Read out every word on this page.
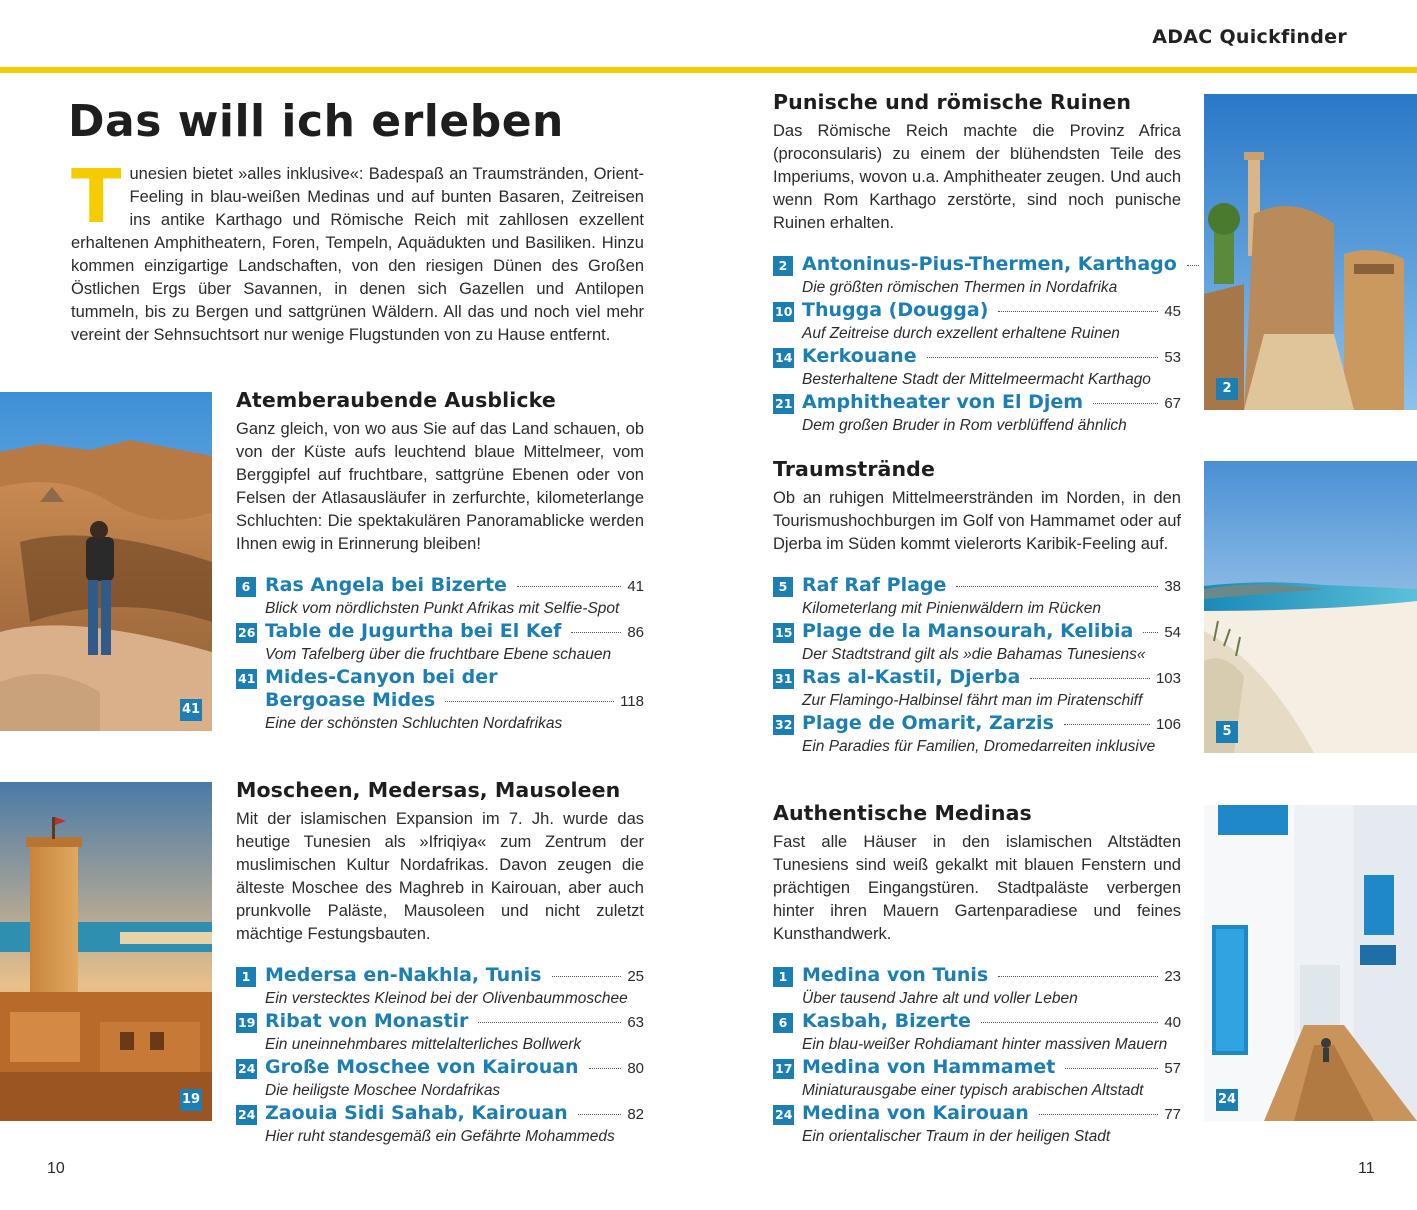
ADAC Quickfinder
Das will ich erleben
Tunesien bietet »alles inklusive«: Badespaß an Traumstränden, Orient-Feeling in blau-weißen Medinas und auf bunten Basaren, Zeitreisen ins antike Karthago und Römische Reich mit zahllosen exzellent erhaltenen Amphitheatern, Foren, Tempeln, Aquädukten und Basiliken. Hinzu kommen einzigartige Landschaften, von den riesigen Dünen des Großen Östlichen Ergs über Savannen, in denen sich Gazellen und Antilopen tummeln, bis zu Bergen und sattgrünen Wäldern. All das und noch viel mehr vereint der Sehnsuchtsort nur wenige Flugstunden von zu Hause entfernt.
41
Atemberaubende Ausblicke

Ganz gleich, von wo aus Sie auf das Land schauen, ob von der Küste aufs leuchtend blaue Mittelmeer, vom Berggipfel auf fruchtbare, sattgrüne Ebenen oder von Felsen der Atlasausläufer in zerfurchte, kilometerlange Schluchten: Die spektakulären Panoramablicke werden Ihnen ewig in Erinnerung bleiben!

6 Ras Angela bei Bizerte	41
Blick vom nördlichsten Punkt Afrikas mit Selfie-Spot
26 Table de Jugurtha bei El Kef	86
Vom Tafelberg über die fruchtbare Ebene schauen
41 Mides-Canyon bei der
Bergoase Mides	118
Eine der schönsten Schluchten Nordafrikas
19
Moscheen, Medersas, Mausoleen

Mit der islamischen Expansion im 7. Jh. wurde das heutige Tunesien als »Ifriqiya« zum Zentrum der muslimischen Kultur Nordafrikas. Davon zeugen die älteste Moschee des Maghreb in Kairouan, aber auch prunkvolle Paläste, Mausoleen und nicht zuletzt mächtige Festungsbauten.

1 Medersa en-Nakhla, Tunis	25
Ein verstecktes Kleinod bei der Olivenbaummoschee
19 Ribat von Monastir	63
Ein uneinnehmbares mittelalterliches Bollwerk
24 Große Moschee von Kairouan	80
Die heiligste Moschee Nordafrikas
24 Zaouia Sidi Sahab, Kairouan	82
Hier ruht standesgemäß ein Gefährte Mohammeds
Punische und römische Ruinen

Das Römische Reich machte die Provinz Africa (proconsularis) zu einem der blühendsten Teile des Imperiums, wovon u.a. Amphitheater zeugen. Und auch wenn Rom Karthago zerstörte, sind noch punische Ruinen erhalten.

2 Antoninus-Pius-Thermen, Karthago
Die größten römischen Thermen in Nordafrika
10 Thugga (Dougga)	45
Auf Zeitreise durch exzellent erhaltene Ruinen
14 Kerkouane	53
Besterhaltene Stadt der Mittelmeermacht Karthago
21 Amphitheater von El Djem	67
Dem großen Bruder in Rom verblüffend ähnlich
2
Traumstrände

Ob an ruhigen Mittelmeerstränden im Norden, in den Tourismushochburgen im Golf von Hammamet oder auf Djerba im Süden kommt vielerorts Karibik-Feeling auf.

5 Raf Raf Plage	38
Kilometerlang mit Pinienwäldern im Rücken
15 Plage de la Mansourah, Kelibia 54
Der Stadtstrand gilt als »die Bahamas Tunesiens«
31 Ras al-Kastil, Djerba	103
Zur Flamingo-Halbinsel fährt man im Piratenschiff
32 Plage de Omarit, Zarzis	106
Ein Paradies für Familien, Dromedarreiten inklusive
5
Authentische Medinas

Fast alle Häuser in den islamischen Altstädten Tunesiens sind weiß gekalkt mit blauen Fenstern und prächtigen Eingangstüren. Stadtpaläste verbergen hinter ihren Mauern Gartenparadiese und feines Kunsthandwerk.

1 Medina von Tunis	23
Über tausend Jahre alt und voller Leben
6 Kasbah, Bizerte	40
Ein blau-weißer Rohdiamant hinter massiven Mauern
17 Medina von Hammamet	57
Miniaturausgabe einer typisch arabischen Altstadt
24 Medina von Kairouan	77
Ein orientalischer Traum in der heiligen Stadt
24
10	11
